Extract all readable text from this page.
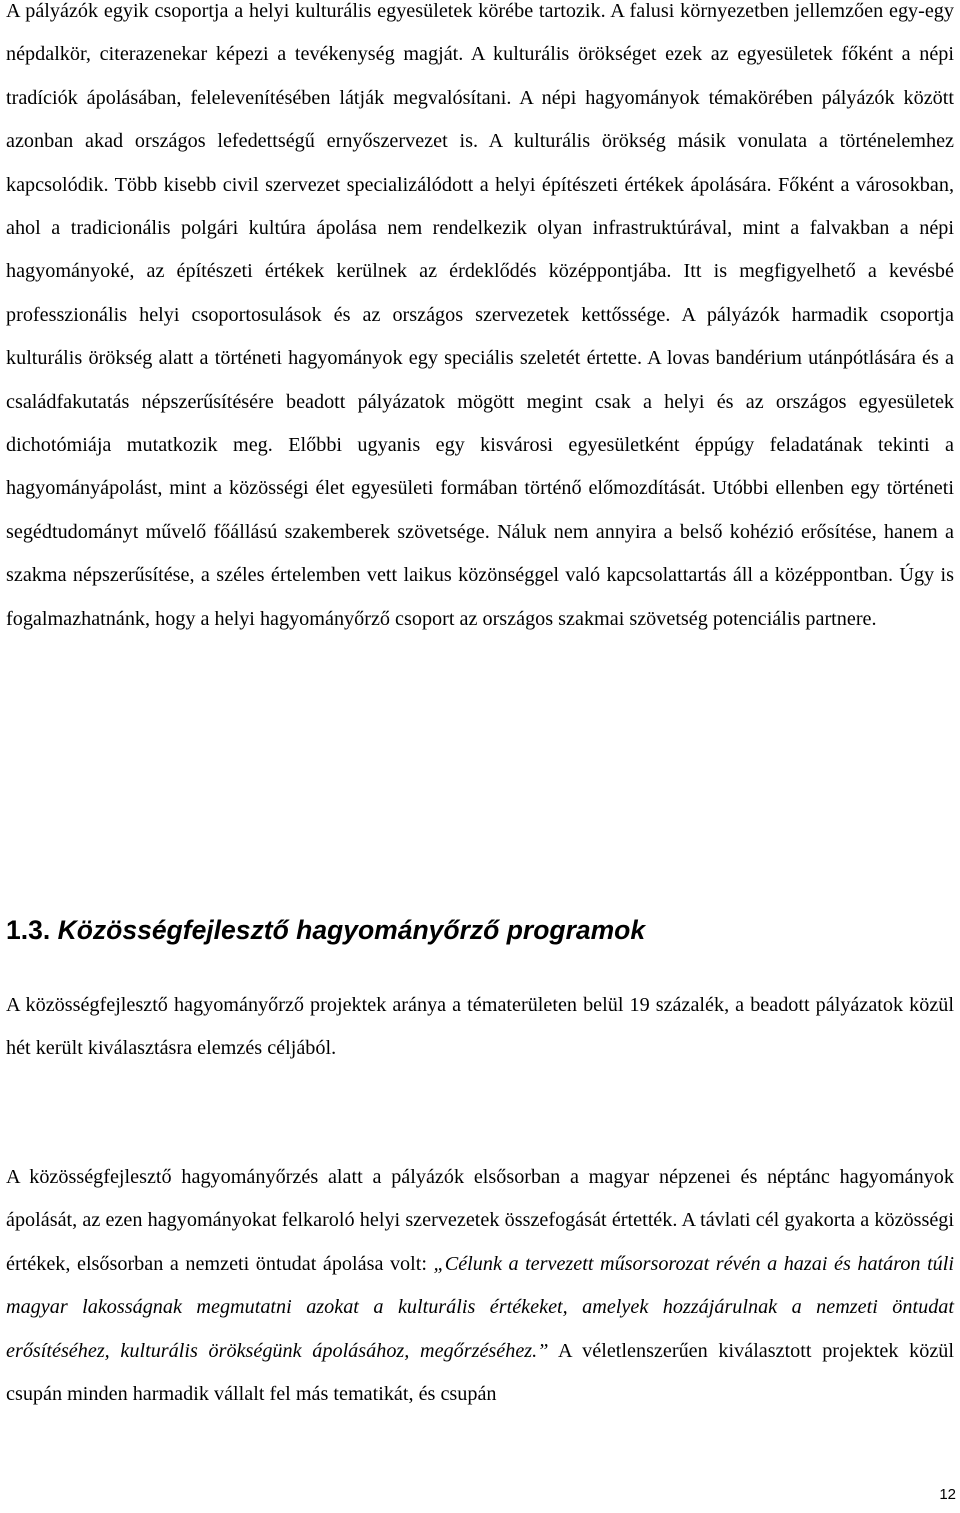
A pályázók egyik csoportja a helyi kulturális egyesületek körébe tartozik. A falusi környezetben jellemzően egy-egy népdalkör, citerazenekar képezi a tevékenység magját. A kulturális örökséget ezek az egyesületek főként a népi tradíciók ápolásában, felelevenítésében látják megvalósítani. A népi hagyományok témakörében pályázók között azonban akad országos lefedettségű ernyőszervezet is. A kulturális örökség másik vonulata a történelemhez kapcsolódik. Több kisebb civil szervezet specializálódott a helyi építészeti értékek ápolására. Főként a városokban, ahol a tradicionális polgári kultúra ápolása nem rendelkezik olyan infrastruktúrával, mint a falvakban a népi hagyományoké, az építészeti értékek kerülnek az érdeklődés középpontjába. Itt is megfigyelhető a kevésbé professzionális helyi csoportosulások és az országos szervezetek kettőssége. A pályázók harmadik csoportja kulturális örökség alatt a történeti hagyományok egy speciális szeletét értette. A lovas bandérium utánpótlására és a családfakutatás népszerűsítésére beadott pályázatok mögött megint csak a helyi és az országos egyesületek dichotómiája mutatkozik meg. Előbbi ugyanis egy kisvárosi egyesületként éppúgy feladatának tekinti a hagyományápolást, mint a közösségi élet egyesületi formában történő előmozdítását. Utóbbi ellenben egy történeti segédtudományt művelő főállású szakemberek szövetsége. Náluk nem annyira a belső kohézió erősítése, hanem a szakma népszerűsítése, a széles értelemben vett laikus közönséggel való kapcsolattartás áll a középpontban. Úgy is fogalmazhatnánk, hogy a helyi hagyományőrző csoport az országos szakmai szövetség potenciális partnere.

1.3. Közösségfejlesztő hagyományőrző programok

A közösségfejlesztő hagyományőrző projektek aránya a tématerületen belül 19 százalék, a beadott pályázatok közül hét került kiválasztásra elemzés céljából.

A közösségfejlesztő hagyományőrzés alatt a pályázók elsősorban a magyar népzenei és néptánc hagyományok ápolását, az ezen hagyományokat felkaroló helyi szervezetek összefogását értették. A távlati cél gyakorta a közösségi értékek, elsősorban a nemzeti öntudat ápolása volt: „Célunk a tervezett műsorsorozat révén a hazai és határon túli magyar lakosságnak megmutatni azokat a kulturális értékeket, amelyek hozzájárulnak a nemzeti öntudat erősítéséhez, kulturális örökségünk ápolásához, megőrzéséhez.” A véletlenszerűen kiválasztott projektek közül csupán minden harmadik vállalt fel más tematikát, és csupán

12
